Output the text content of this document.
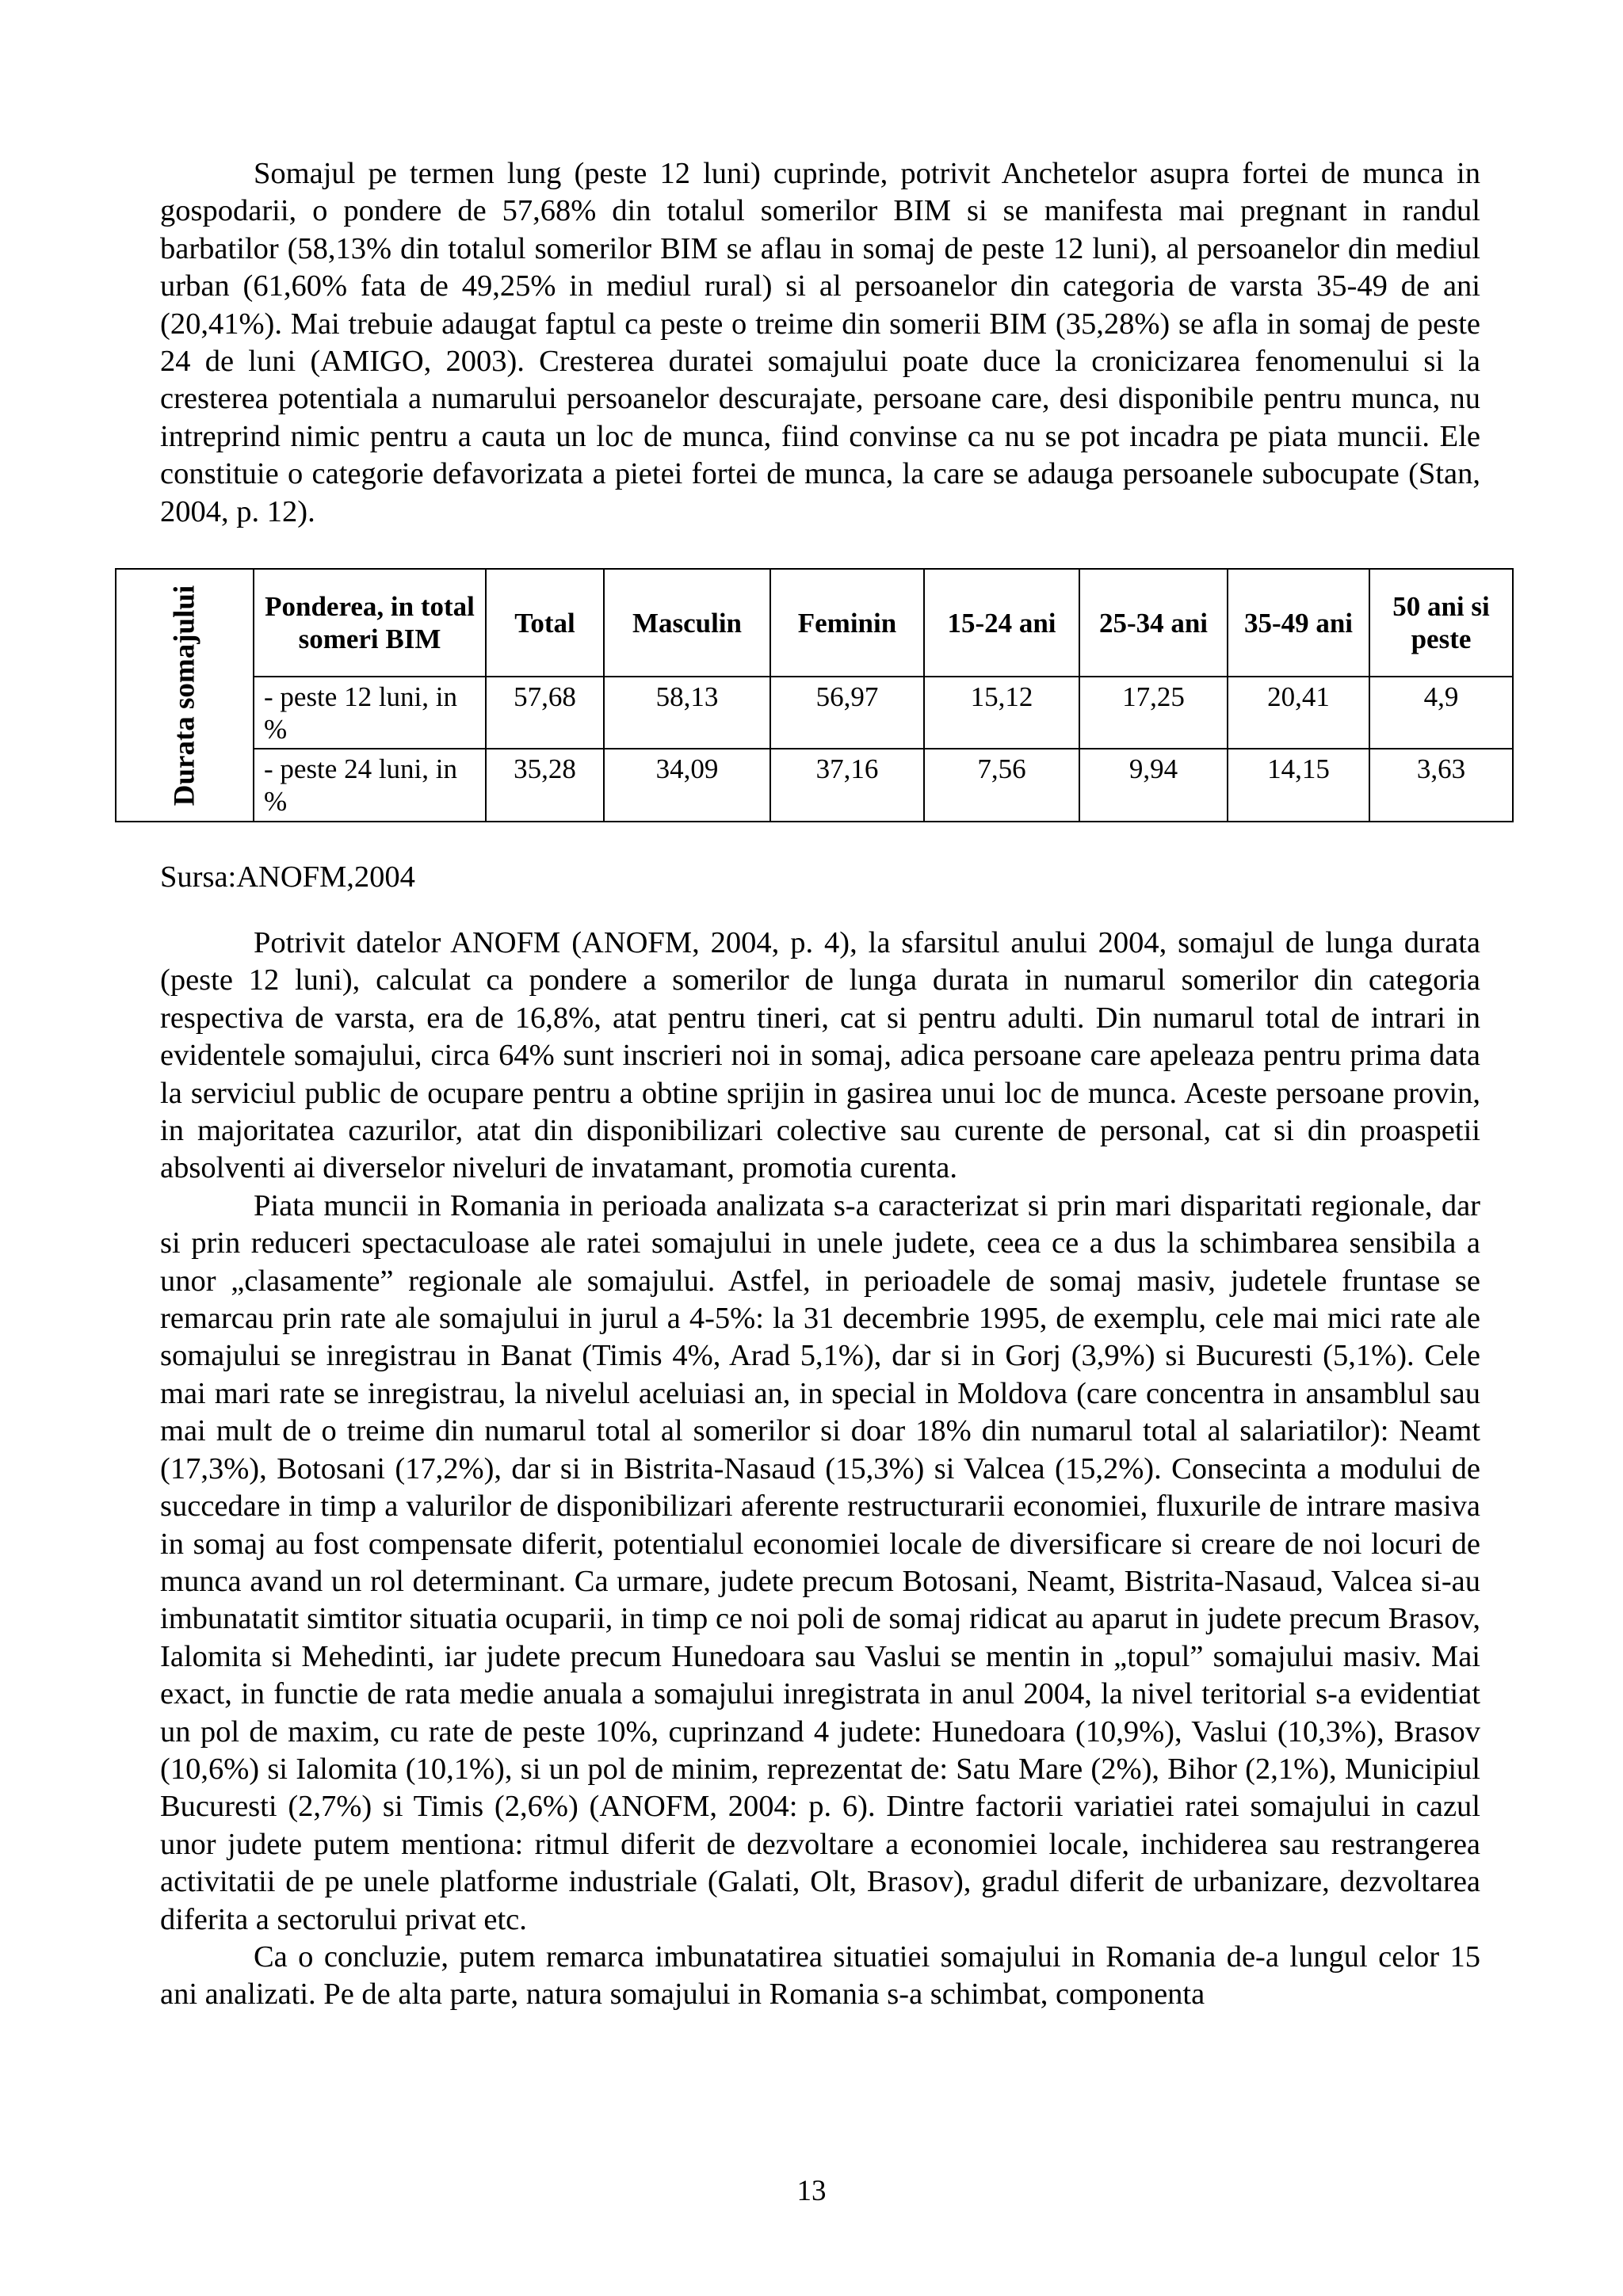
Somajul pe termen lung (peste 12 luni) cuprinde, potrivit Anchetelor asupra fortei de munca in gospodarii, o pondere de 57,68% din totalul somerilor BIM si se manifesta mai pregnant in randul barbatilor (58,13% din totalul somerilor BIM se aflau in somaj de peste 12 luni), al persoanelor din mediul urban (61,60% fata de 49,25% in mediul rural) si al persoanelor din categoria de varsta 35-49 de ani (20,41%). Mai trebuie adaugat faptul ca peste o treime din somerii BIM (35,28%) se afla in somaj de peste 24 de luni (AMIGO, 2003). Cresterea duratei somajului poate duce la cronicizarea fenomenului si la cresterea potentiala a numarului persoanelor descurajate, persoane care, desi disponibile pentru munca, nu intreprind nimic pentru a cauta un loc de munca, fiind convinse ca nu se pot incadra pe piata muncii. Ele constituie o categorie defavorizata a pietei fortei de munca, la care se adauga persoanele subocupate (Stan, 2004, p. 12).

Durata somajului	Ponderea, in total someri BIM	Total	Masculin	Feminin	15-24 ani	25-34 ani	35-49 ani	50 ani si peste
	- peste 12 luni, in %	57,68	58,13	56,97	15,12	17,25	20,41	4,9
	- peste 24 luni, in %	35,28	34,09	37,16	7,56	9,94	14,15	3,63
Sursa:ANOFM,2004

Potrivit datelor ANOFM (ANOFM, 2004, p. 4), la sfarsitul anului 2004, somajul de lunga durata (peste 12 luni), calculat ca pondere a somerilor de lunga durata in numarul somerilor din categoria respectiva de varsta, era de 16,8%, atat pentru tineri, cat si pentru adulti. Din numarul total de intrari in evidentele somajului, circa 64% sunt inscrieri noi in somaj, adica persoane care apeleaza pentru prima data la serviciul public de ocupare pentru a obtine sprijin in gasirea unui loc de munca. Aceste persoane provin, in majoritatea cazurilor, atat din disponibilizari colective sau curente de personal, cat si din proaspetii absolventi ai diverselor niveluri de invatamant, promotia curenta.

Piata muncii in Romania in perioada analizata s-a caracterizat si prin mari disparitati regionale, dar si prin reduceri spectaculoase ale ratei somajului in unele judete, ceea ce a dus la schimbarea sensibila a unor „clasamente” regionale ale somajului. Astfel, in perioadele de somaj masiv, judetele fruntase se remarcau prin rate ale somajului in jurul a 4-5%: la 31 decembrie 1995, de exemplu, cele mai mici rate ale somajului se inregistrau in Banat (Timis 4%, Arad 5,1%), dar si in Gorj (3,9%) si Bucuresti (5,1%). Cele mai mari rate se inregistrau, la nivelul aceluiasi an, in special in Moldova (care concentra in ansamblul sau mai mult de o treime din numarul total al somerilor si doar 18% din numarul total al salariatilor): Neamt (17,3%), Botosani (17,2%), dar si in Bistrita-Nasaud (15,3%) si Valcea (15,2%). Consecinta a modului de succedare in timp a valurilor de disponibilizari aferente restructurarii economiei, fluxurile de intrare masiva in somaj au fost compensate diferit, potentialul economiei locale de diversificare si creare de noi locuri de munca avand un rol determinant. Ca urmare, judete precum Botosani, Neamt, Bistrita-Nasaud, Valcea si-au imbunatatit simtitor situatia ocuparii, in timp ce noi poli de somaj ridicat au aparut in judete precum Brasov, Ialomita si Mehedinti, iar judete precum Hunedoara sau Vaslui se mentin in „topul” somajului masiv. Mai exact, in functie de rata medie anuala a somajului inregistrata in anul 2004, la nivel teritorial s-a evidentiat un pol de maxim, cu rate de peste 10%, cuprinzand 4 judete: Hunedoara (10,9%), Vaslui (10,3%), Brasov (10,6%) si Ialomita (10,1%), si un pol de minim, reprezentat de: Satu Mare (2%), Bihor (2,1%), Municipiul Bucuresti (2,7%) si Timis (2,6%) (ANOFM, 2004: p. 6). Dintre factorii variatiei ratei somajului in cazul unor judete putem mentiona: ritmul diferit de dezvoltare a economiei locale, inchiderea sau restrangerea activitatii de pe unele platforme industriale (Galati, Olt, Brasov), gradul diferit de urbanizare, dezvoltarea diferita a sectorului privat etc.

Ca o concluzie, putem remarca imbunatatirea situatiei somajului in Romania de-a lungul celor 15 ani analizati. Pe de alta parte, natura somajului in Romania s-a schimbat, componenta

13
